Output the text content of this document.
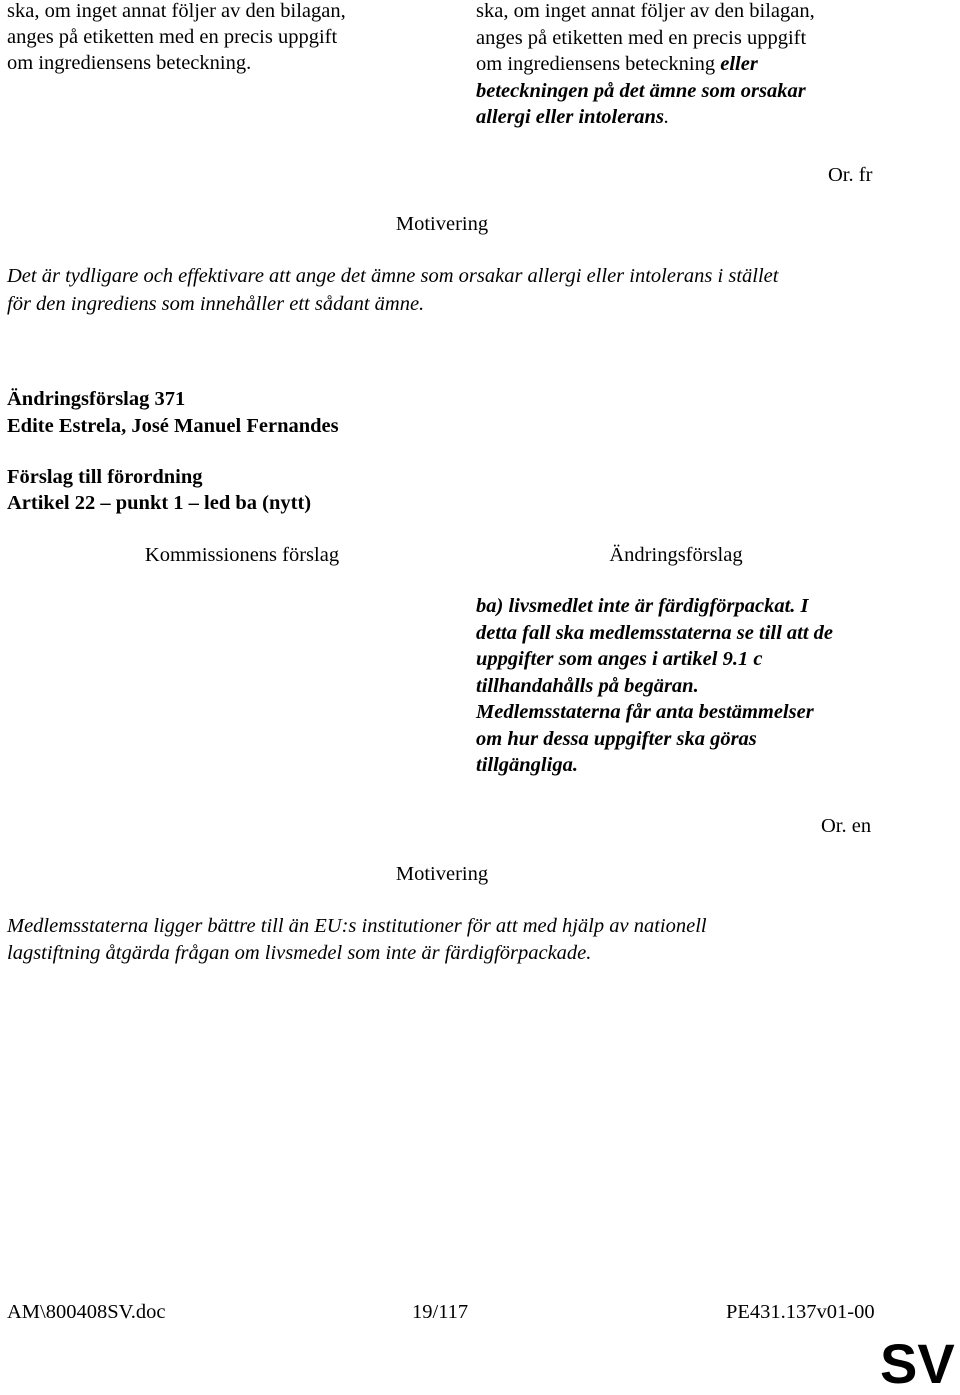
ska, om inget annat följer av den bilagan,
anges på etiketten med en precis uppgift
om ingrediensens beteckning.
ska, om inget annat följer av den bilagan,
anges på etiketten med en precis uppgift
om ingrediensens beteckning eller
beteckningen på det ämne som orsakar
allergi eller intolerans.
Or. fr
Motivering
Det är tydligare och effektivare att ange det ämne som orsakar allergi eller intolerans i stället
för den ingrediens som innehåller ett sådant ämne.
Ändringsförslag 371
Edite Estrela, José Manuel Fernandes
Förslag till förordning
Artikel 22 – punkt 1 – led ba (nytt)
Kommissionens förslag	Ändringsförslag
ba) livsmedlet inte är färdigförpackat. I
detta fall ska medlemsstaterna se till att de
uppgifter som anges i artikel 9.1 c
tillhandahålls på begäran.
Medlemsstaterna får anta bestämmelser
om hur dessa uppgifter ska göras
tillgängliga.
Or. en
Motivering
Medlemsstaterna ligger bättre till än EU:s institutioner för att med hjälp av nationell
lagstiftning åtgärda frågan om livsmedel som inte är färdigförpackade.
AM\800408SV.doc	19/117	PE431.137v01-00
SV
